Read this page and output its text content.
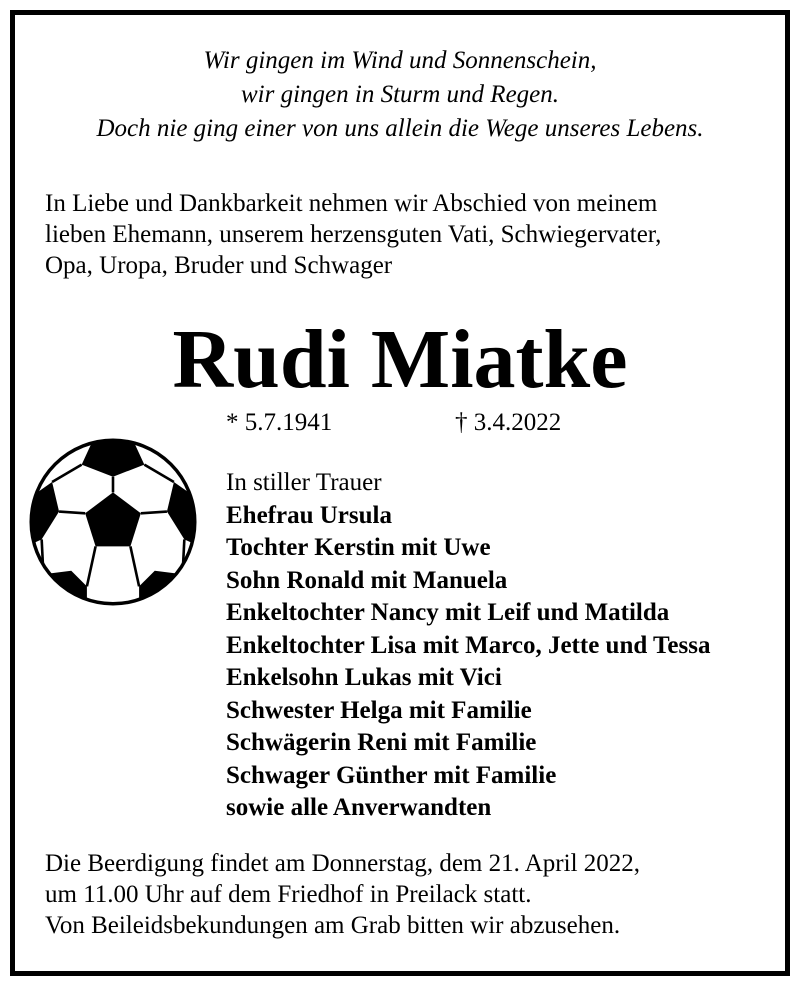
Wir gingen im Wind und Sonnenschein,
wir gingen in Sturm und Regen.
Doch nie ging einer von uns allein die Wege unseres Lebens.
In Liebe und Dankbarkeit nehmen wir Abschied von meinem
lieben Ehemann, unserem herzensguten Vati, Schwiegervater,
Opa, Uropa, Bruder und Schwager
Rudi Miatke
* 5.7.1941	† 3.4.2022
In stiller Trauer
Ehefrau Ursula
Tochter Kerstin mit Uwe
Sohn Ronald mit Manuela
Enkeltochter Nancy mit Leif und Matilda
Enkeltochter Lisa mit Marco, Jette und Tessa
Enkelsohn Lukas mit Vici
Schwester Helga mit Familie
Schwägerin Reni mit Familie
Schwager Günther mit Familie
sowie alle Anverwandten
Die Beerdigung findet am Donnerstag, dem 21. April 2022,
um 11.00 Uhr auf dem Friedhof in Preilack statt.
Von Beileidsbekundungen am Grab bitten wir abzusehen.
